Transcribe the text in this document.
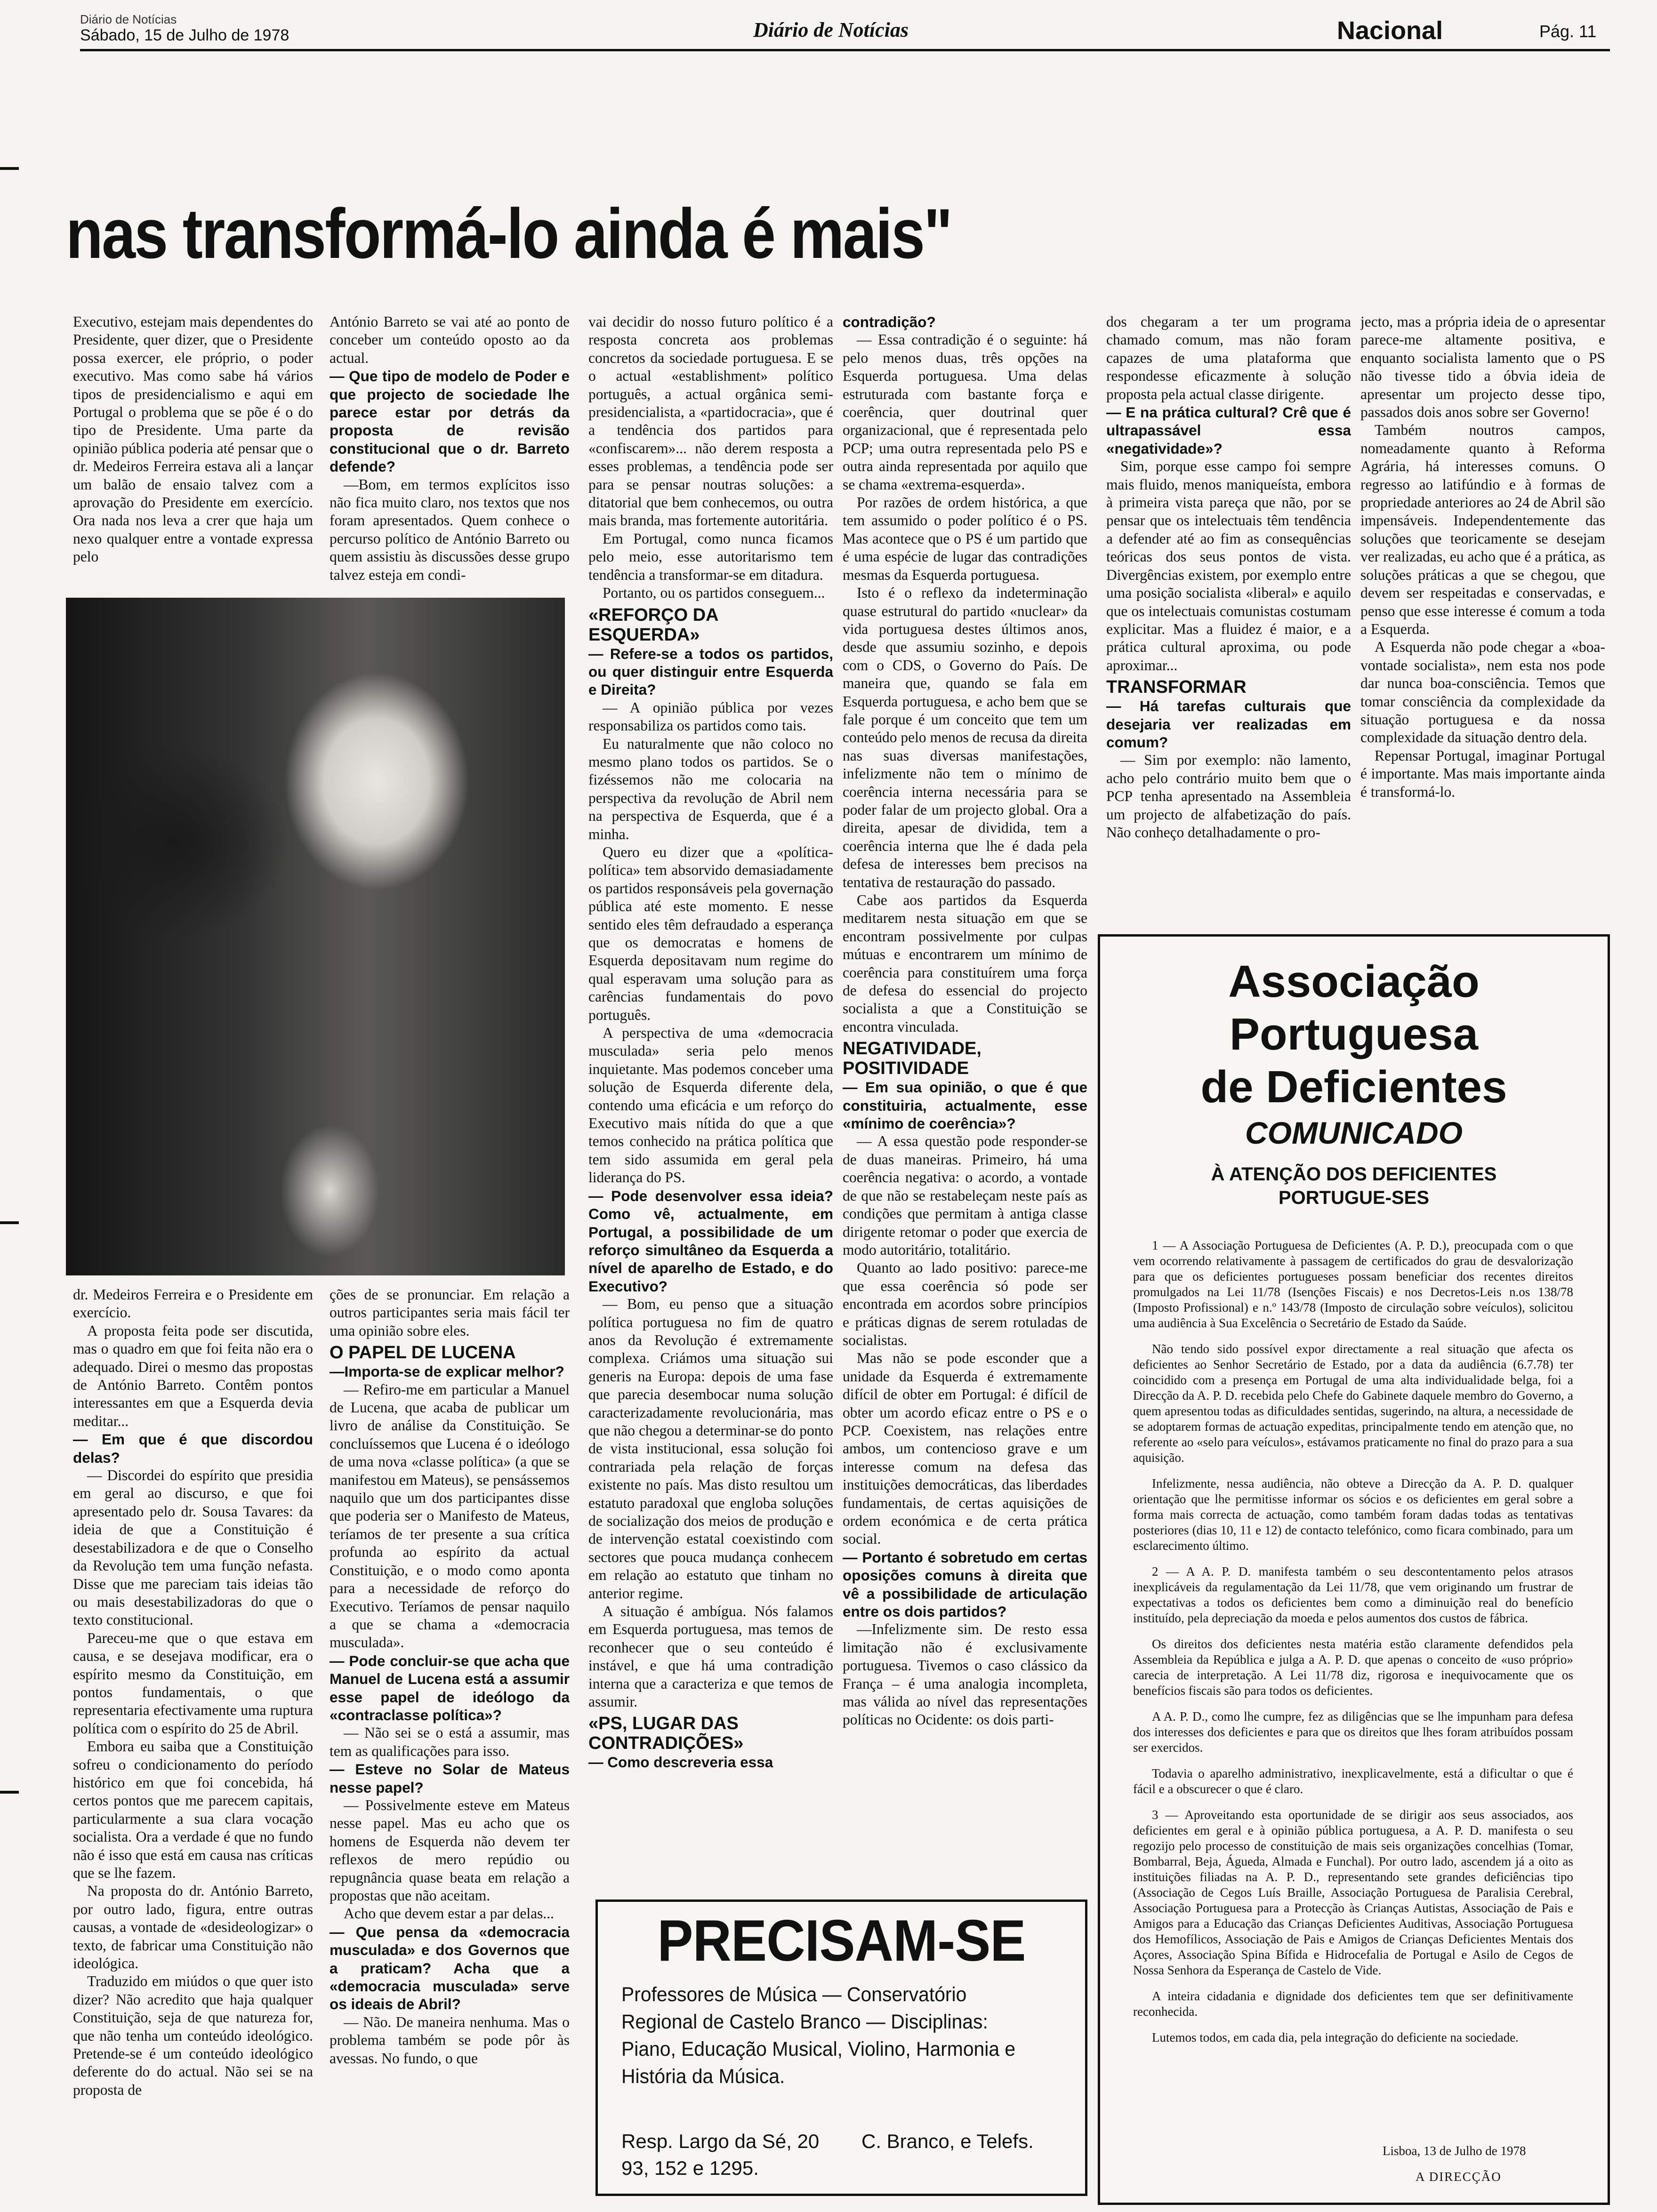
Diário de Notícias
Sábado, 15 de Julho de 1978	Diário de Notícias	Nacional	Pág. 11
nas transformá-lo ainda é mais"

Executivo, estejam mais dependentes do Presidente, quer dizer, que o Presidente possa exercer, ele próprio, o poder executivo. Mas como sabe há vários tipos de presidencialismo e aqui em Portugal o problema que se põe é o do tipo de Presidente. Uma parte da opinião pública poderia até pensar que o dr. Medeiros Ferreira estava ali a lançar um balão de ensaio talvez com a aprovação do Presidente em exercício. Ora nada nos leva a crer que haja um nexo qualquer entre a vontade expressa pelo

António Barreto se vai até ao ponto de conceber um conteúdo oposto ao da actual.

— Que tipo de modelo de Poder e que projecto de sociedade lhe parece estar por detrás da proposta de revisão constitucional que o dr. Barreto defende?

—Bom, em termos explícitos isso não fica muito claro, nos textos que nos foram apresentados. Quem conhece o percurso político de António Barreto ou quem assistiu às discussões desse grupo talvez esteja em condi-

dr. Medeiros Ferreira e o Presidente em exercício.

A proposta feita pode ser discutida, mas o quadro em que foi feita não era o adequado. Direi o mesmo das propostas de António Barreto. Contêm pontos interessantes em que a Esquerda devia meditar...

— Em que é que discordou delas?

— Discordei do espírito que presidia em geral ao discurso, e que foi apresentado pelo dr. Sousa Tavares: da ideia de que a Constituição é desestabilizadora e de que o Conselho da Revolução tem uma função nefasta. Disse que me pareciam tais ideias tão ou mais desestabilizadoras do que o texto constitucional.

Pareceu-me que o que estava em causa, e se desejava modificar, era o espírito mesmo da Constituição, em pontos fundamentais, o que representaria efectivamente uma ruptura política com o espírito do 25 de Abril.

Embora eu saiba que a Constituição sofreu o condicionamento do período histórico em que foi concebida, há certos pontos que me parecem capitais, particularmente a sua clara vocação socialista. Ora a verdade é que no fundo não é isso que está em causa nas críticas que se lhe fazem.

Na proposta do dr. António Barreto, por outro lado, figura, entre outras causas, a vontade de «desideologizar» o texto, de fabricar uma Constituição não ideológica.

Traduzido em miúdos o que quer isto dizer? Não acredito que haja qualquer Constituição, seja de que natureza for, que não tenha um conteúdo ideológico. Pretende-se é um conteúdo ideológico deferente do do actual. Não sei se na proposta de

ções de se pronunciar. Em relação a outros participantes seria mais fácil ter uma opinião sobre eles.

O PAPEL DE LUCENA

—Importa-se de explicar melhor?

— Refiro-me em particular a Manuel de Lucena, que acaba de publicar um livro de análise da Constituição. Se concluíssemos que Lucena é o ideólogo de uma nova «classe política» (a que se manifestou em Mateus), se pensássemos naquilo que um dos participantes disse que poderia ser o Manifesto de Mateus, teríamos de ter presente a sua crítica profunda ao espírito da actual Constituição, e o modo como aponta para a necessidade de reforço do Executivo. Teríamos de pensar naquilo a que se chama a «democracia musculada».

— Pode concluir-se que acha que Manuel de Lucena está a assumir esse papel de ideólogo da «contraclasse política»?

— Não sei se o está a assumir, mas tem as qualificações para isso.

— Esteve no Solar de Mateus nesse papel?

— Possivelmente esteve em Mateus nesse papel. Mas eu acho que os homens de Esquerda não devem ter reflexos de mero repúdio ou repugnância quase beata em relação a propostas que não aceitam.

Acho que devem estar a par delas...

— Que pensa da «democracia musculada» e dos Governos que a praticam? Acha que a «democracia musculada» serve os ideais de Abril?

— Não. De maneira nenhuma. Mas o problema também se pode pôr às avessas. No fundo, o que

vai decidir do nosso futuro político é a resposta concreta aos problemas concretos da sociedade portuguesa. E se o actual «establishment» político português, a actual orgânica semi-presidencialista, a «partidocracia», que é a tendência dos partidos para «confiscarem»... não derem resposta a esses problemas, a tendência pode ser para se pensar noutras soluções: a ditatorial que bem conhecemos, ou outra mais branda, mas fortemente autoritária.

Em Portugal, como nunca ficamos pelo meio, esse autoritarismo tem tendência a transformar-se em ditadura.

Portanto, ou os partidos conseguem...

«REFORÇO DA ESQUERDA»

— Refere-se a todos os partidos, ou quer distinguir entre Esquerda e Direita?

— A opinião pública por vezes responsabiliza os partidos como tais.

Eu naturalmente que não coloco no mesmo plano todos os partidos. Se o fizéssemos não me colocaria na perspectiva da revolução de Abril nem na perspectiva de Esquerda, que é a minha.

Quero eu dizer que a «política-política» tem absorvido demasiadamente os partidos responsáveis pela governação pública até este momento. E nesse sentido eles têm defraudado a esperança que os democratas e homens de Esquerda depositavam num regime do qual esperavam uma solução para as carências fundamentais do povo português.

A perspectiva de uma «democracia musculada» seria pelo menos inquietante. Mas podemos conceber uma solução de Esquerda diferente dela, contendo uma eficácia e um reforço do Executivo mais nítida do que a que temos conhecido na prática política que tem sido assumida em geral pela liderança do PS.

— Pode desenvolver essa ideia? Como vê, actualmente, em Portugal, a possibilidade de um reforço simultâneo da Esquerda a nível de aparelho de Estado, e do Executivo?

— Bom, eu penso que a situação política portuguesa no fim de quatro anos da Revolução é extremamente complexa. Criámos uma situação sui generis na Europa: depois de uma fase que parecia desembocar numa solução caracterizadamente revolucionária, mas que não chegou a determinar-se do ponto de vista institucional, essa solução foi contrariada pela relação de forças existente no país. Mas disto resultou um estatuto paradoxal que engloba soluções de socialização dos meios de produção e de intervenção estatal coexistindo com sectores que pouca mudança conhecem em relação ao estatuto que tinham no anterior regime.

A situação é ambígua. Nós falamos em Esquerda portuguesa, mas temos de reconhecer que o seu conteúdo é instável, e que há uma contradição interna que a caracteriza e que temos de assumir.

«PS, LUGAR DAS CONTRADIÇÕES»

— Como descreveria essa

contradição?

— Essa contradição é o seguinte: há pelo menos duas, três opções na Esquerda portuguesa. Uma delas estruturada com bastante força e coerência, quer doutrinal quer organizacional, que é representada pelo PCP; uma outra representada pelo PS e outra ainda representada por aquilo que se chama «extrema-esquerda».

Por razões de ordem histórica, a que tem assumido o poder político é o PS. Mas acontece que o PS é um partido que é uma espécie de lugar das contradições mesmas da Esquerda portuguesa.

Isto é o reflexo da indeterminação quase estrutural do partido «nuclear» da vida portuguesa destes últimos anos, desde que assumiu sozinho, e depois com o CDS, o Governo do País. De maneira que, quando se fala em Esquerda portuguesa, e acho bem que se fale porque é um conceito que tem um conteúdo pelo menos de recusa da direita nas suas diversas manifestações, infelizmente não tem o mínimo de coerência interna necessária para se poder falar de um projecto global. Ora a direita, apesar de dividida, tem a coerência interna que lhe é dada pela defesa de interesses bem precisos na tentativa de restauração do passado.

Cabe aos partidos da Esquerda meditarem nesta situação em que se encontram possivelmente por culpas mútuas e encontrarem um mínimo de coerência para constituírem uma força de defesa do essencial do projecto socialista a que a Constituição se encontra vinculada.

NEGATIVIDADE, POSITIVIDADE

— Em sua opinião, o que é que constituiria, actualmente, esse «mínimo de coerência»?

— A essa questão pode responder-se de duas maneiras. Primeiro, há uma coerência negativa: o acordo, a vontade de que não se restabeleçam neste país as condições que permitam à antiga classe dirigente retomar o poder que exercia de modo autoritário, totalitário.

Quanto ao lado positivo: parece-me que essa coerência só pode ser encontrada em acordos sobre princípios e práticas dignas de serem rotuladas de socialistas.

Mas não se pode esconder que a unidade da Esquerda é extremamente difícil de obter em Portugal: é difícil de obter um acordo eficaz entre o PS e o PCP. Coexistem, nas relações entre ambos, um contencioso grave e um interesse comum na defesa das instituições democráticas, das liberdades fundamentais, de certas aquisições de ordem económica e de certa prática social.

— Portanto é sobretudo em certas oposições comuns à direita que vê a possibilidade de articulação entre os dois partidos?

—Infelizmente sim. De resto essa limitação não é exclusivamente portuguesa. Tivemos o caso clássico da França – é uma analogia incompleta, mas válida ao nível das representações políticas no Ocidente: os dois parti-

dos chegaram a ter um programa chamado comum, mas não foram capazes de uma plataforma que respondesse eficazmente à solução proposta pela actual classe dirigente.

— E na prática cultural? Crê que é ultrapassável essa «negatividade»?

Sim, porque esse campo foi sempre mais fluido, menos maniqueísta, embora à primeira vista pareça que não, por se pensar que os intelectuais têm tendência a defender até ao fim as consequências teóricas dos seus pontos de vista. Divergências existem, por exemplo entre uma posição socialista «liberal» e aquilo que os intelectuais comunistas costumam explicitar. Mas a fluidez é maior, e a prática cultural aproxima, ou pode aproximar...

TRANSFORMAR

— Há tarefas culturais que desejaria ver realizadas em comum?

— Sim por exemplo: não lamento, acho pelo contrário muito bem que o PCP tenha apresentado na Assembleia um projecto de alfabetização do país. Não conheço detalhadamente o pro-

jecto, mas a própria ideia de o apresentar parece-me altamente positiva, e enquanto socialista lamento que o PS não tivesse tido a óbvia ideia de apresentar um projecto desse tipo, passados dois anos sobre ser Governo!

Também noutros campos, nomeadamente quanto à Reforma Agrária, há interesses comuns. O regresso ao latifúndio e à formas de propriedade anteriores ao 24 de Abril são impensáveis. Independentemente das soluções que teoricamente se desejam ver realizadas, eu acho que é a prática, as soluções práticas a que se chegou, que devem ser respeitadas e conservadas, e penso que esse interesse é comum a toda a Esquerda.

A Esquerda não pode chegar a «boa-vontade socialista», nem esta nos pode dar nunca boa-consciência. Temos que tomar consciência da complexidade da situação portuguesa e da nossa complexidade da situação dentro dela.

Repensar Portugal, imaginar Portugal é importante. Mas mais importante ainda é transformá-lo.

Associação
Portuguesa
de Deficientes
COMUNICADO
À ATENÇÃO DOS DEFICIENTES PORTUGUE-SES

1 — A Associação Portuguesa de Deficientes (A. P. D.), preocupada com o que vem ocorrendo relativamente à passagem de certificados do grau de desvalorização para que os deficientes portugueses possam beneficiar dos recentes direitos promulgados na Lei 11/78 (Isenções Fiscais) e nos Decretos-Leis n.os 138/78 (Imposto Profissional) e n.º 143/78 (Imposto de circulação sobre veículos), solicitou uma audiência à Sua Excelência o Secretário de Estado da Saúde.

Não tendo sido possível expor directamente a real situação que afecta os deficientes ao Senhor Secretário de Estado, por a data da audiência (6.7.78) ter coincidido com a presença em Portugal de uma alta individualidade belga, foi a Direcção da A. P. D. recebida pelo Chefe do Gabinete daquele membro do Governo, a quem apresentou todas as dificuldades sentidas, sugerindo, na altura, a necessidade de se adoptarem formas de actuação expeditas, principalmente tendo em atenção que, no referente ao «selo para veículos», estávamos praticamente no final do prazo para a sua aquisição.

Infelizmente, nessa audiência, não obteve a Direcção da A. P. D. qualquer orientação que lhe permitisse informar os sócios e os deficientes em geral sobre a forma mais correcta de actuação, como também foram dadas todas as tentativas posteriores (dias 10, 11 e 12) de contacto telefónico, como ficara combinado, para um esclarecimento último.

2 — A A. P. D. manifesta também o seu descontentamento pelos atrasos inexplicáveis da regulamentação da Lei 11/78, que vem originando um frustrar de expectativas a todos os deficientes bem como a diminuição real do benefício instituído, pela depreciação da moeda e pelos aumentos dos custos de fábrica.

Os direitos dos deficientes nesta matéria estão claramente defendidos pela Assembleia da República e julga a A. P. D. que apenas o conceito de «uso próprio» carecia de interpretação. A Lei 11/78 diz, rigorosa e inequivocamente que os benefícios fiscais são para todos os deficientes.

A A. P. D., como lhe cumpre, fez as diligências que se lhe impunham para defesa dos interesses dos deficientes e para que os direitos que lhes foram atribuídos possam ser exercidos.

Todavia o aparelho administrativo, inexplicavelmente, está a dificultar o que é fácil e a obscurecer o que é claro.

3 — Aproveitando esta oportunidade de se dirigir aos seus associados, aos deficientes em geral e à opinião pública portuguesa, a A. P. D. manifesta o seu regozijo pelo processo de constituição de mais seis organizações concelhias (Tomar, Bombarral, Beja, Águeda, Almada e Funchal). Por outro lado, ascendem já a oito as instituições filiadas na A. P. D., representando sete grandes deficiências tipo (Associação de Cegos Luís Braille, Associação Portuguesa de Paralisia Cerebral, Associação Portuguesa para a Protecção às Crianças Autistas, Associação de Pais e Amigos para a Educação das Crianças Deficientes Auditivas, Associação Portuguesa dos Hemofílicos, Associação de Pais e Amigos de Crianças Deficientes Mentais dos Açores, Associação Spina Bífida e Hidrocefalia de Portugal e Asilo de Cegos de Nossa Senhora da Esperança de Castelo de Vide.

A inteira cidadania e dignidade dos deficientes tem que ser definitivamente reconhecida.

Lutemos todos, em cada dia, pela integração do deficiente na sociedade.

Lisboa, 13 de Julho de 1978
A DIRECÇÃO
PRECISAM-SE
Professores de Música — Conservatório Regional de Castelo Branco — Disciplinas: Piano, Educação Musical, Violino, Harmonia e História da Música.
Resp. Largo da Sé, 20 C. Branco, e Telefs.
93, 152 e 1295.
